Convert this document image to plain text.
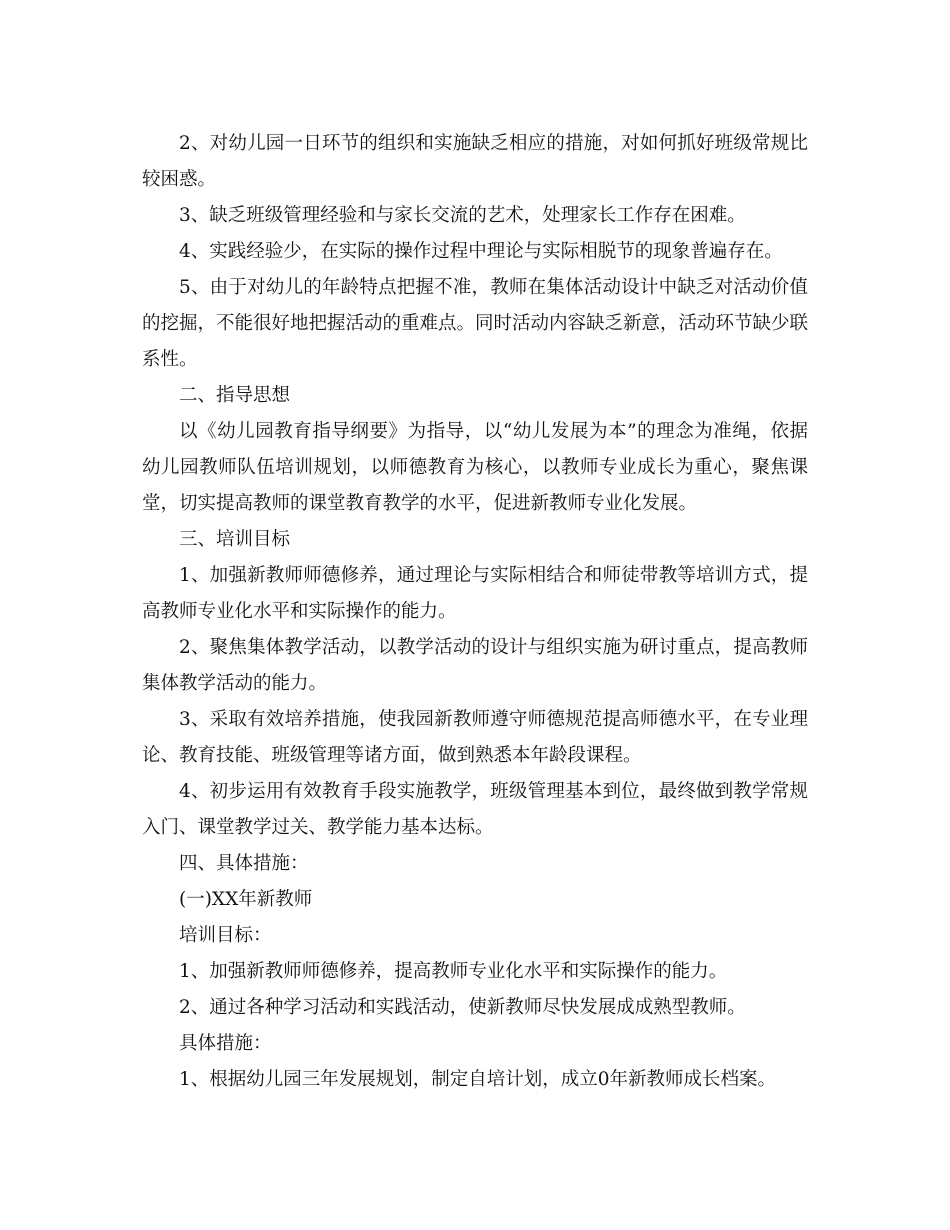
2、对幼儿园一日环节的组织和实施缺乏相应的措施，对如何抓好班级常规比较困惑。

3、缺乏班级管理经验和与家长交流的艺术，处理家长工作存在困难。

4、实践经验少，在实际的操作过程中理论与实际相脱节的现象普遍存在。

5、由于对幼儿的年龄特点把握不准，教师在集体活动设计中缺乏对活动价值的挖掘，不能很好地把握活动的重难点。同时活动内容缺乏新意，活动环节缺少联系性。

二、指导思想

以《幼儿园教育指导纲要》为指导，以“幼儿发展为本”的理念为准绳，依据幼儿园教师队伍培训规划，以师德教育为核心，以教师专业成长为重心，聚焦课堂，切实提高教师的课堂教育教学的水平，促进新教师专业化发展。

三、培训目标

1、加强新教师师德修养，通过理论与实际相结合和师徒带教等培训方式，提高教师专业化水平和实际操作的能力。

2、聚焦集体教学活动，以教学活动的设计与组织实施为研讨重点，提高教师集体教学活动的能力。

3、采取有效培养措施，使我园新教师遵守师德规范提高师德水平，在专业理论、教育技能、班级管理等诸方面，做到熟悉本年龄段课程。

4、初步运用有效教育手段实施教学，班级管理基本到位，最终做到教学常规入门、课堂教学过关、教学能力基本达标。

四、具体措施：

(一)XX年新教师

培训目标：

1、加强新教师师德修养，提高教师专业化水平和实际操作的能力。

2、通过各种学习活动和实践活动，使新教师尽快发展成成熟型教师。

具体措施：

1、根据幼儿园三年发展规划，制定自培计划，成立0年新教师成长档案。
